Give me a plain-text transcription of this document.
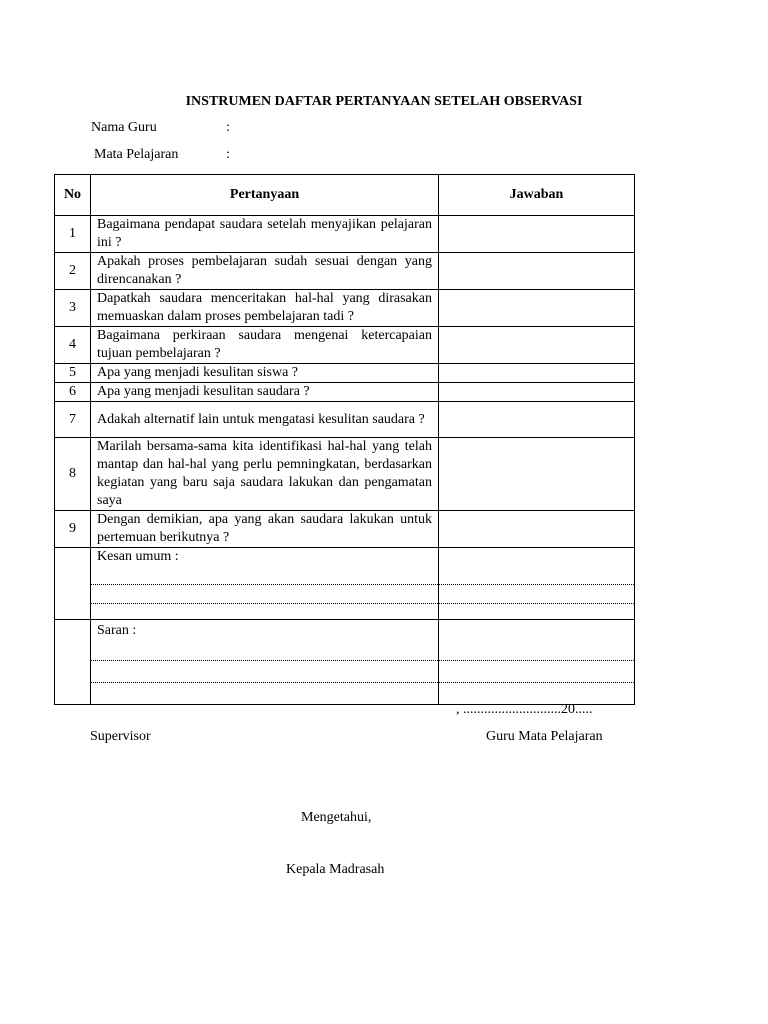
INSTRUMEN DAFTAR PERTANYAAN SETELAH OBSERVASI
Nama Guru	:
Mata Pelajaran	:
No	Pertanyaan	Jawaban
1	Bagaimana pendapat saudara setelah menyajikan pelajaran ini ?	
2	Apakah proses pembelajaran sudah sesuai dengan yang direncanakan ?	
3	Dapatkah saudara menceritakan hal-hal yang dirasakan memuaskan dalam proses pembelajaran tadi ?	
4	Bagaimana perkiraan saudara mengenai ketercapaian tujuan pembelajaran ?	
5	Apa yang menjadi kesulitan siswa ?	
6	Apa yang menjadi kesulitan saudara ?	
7	Adakah alternatif lain untuk mengatasi kesulitan saudara ?	
8	Marilah bersama-sama kita identifikasi hal-hal yang telah mantap dan hal-hal yang perlu pemningkatan, berdasarkan kegiatan yang baru saja saudara lakukan dan pengamatan saya	
9	Dengan demikian, apa yang akan saudara lakukan untuk pertemuan berikutnya ?	

	Kesan umum :	

	Saran :	

, ............................20.....
Supervisor	Guru Mata Pelajaran
Mengetahui,
Kepala Madrasah
